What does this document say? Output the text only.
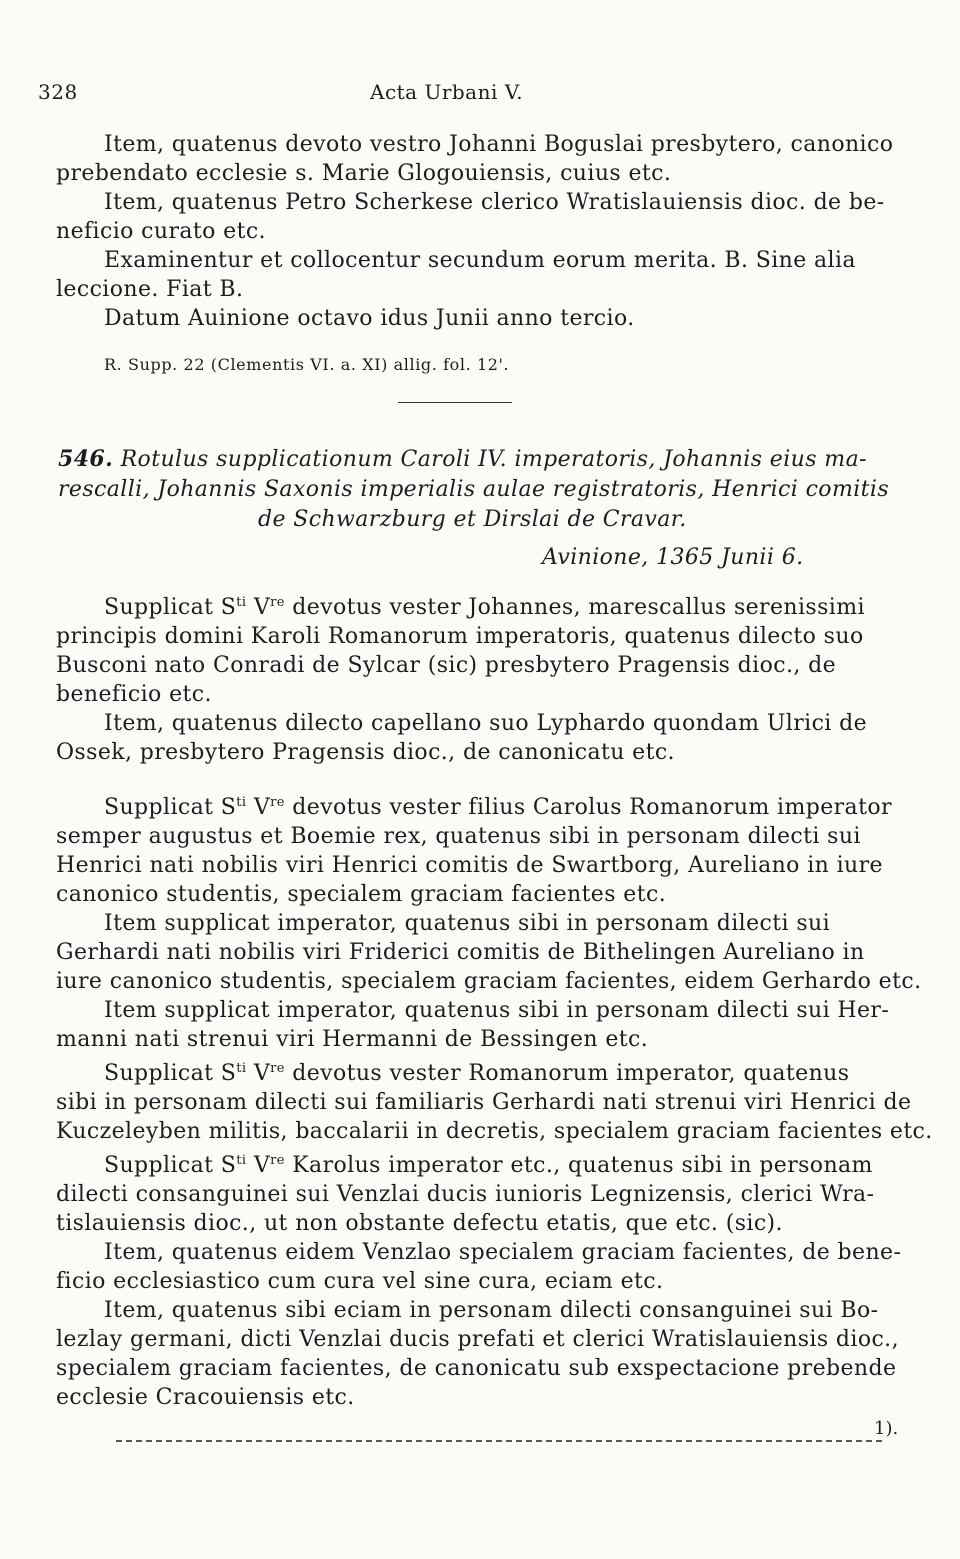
328	Acta Urbani V.
Item, quatenus devoto vestro Johanni Boguslai presbytero, canonico
prebendato ecclesie s. Marie Glogouiensis, cuius etc.
Item, quatenus Petro Scherkese clerico Wratislauiensis dioc. de be-
neficio curato etc.
Examinentur et collocentur secundum eorum merita. B. Sine alia
leccione. Fiat B.
Datum Auinione octavo idus Junii anno tercio.
R. Supp. 22 (Clementis VI. a. XI) allig. fol. 12'.
546. Rotulus supplicationum Caroli IV. imperatoris, Johannis eius ma-
rescalli, Johannis Saxonis imperialis aulae registratoris, Henrici comitis
de Schwarzburg et Dirslai de Cravar.
Avinione, 1365 Junii 6.
Supplicat $S^{ti}$ Vre devotus vester Johannes, marescallus serenissimi
principis domini Karoli Romanorum imperatoris, quatenus dilecto suo
Busconi nato Conradi de Sylcar (sic) presbytero Pragensis dioc., de
beneficio etc.
Item, quatenus dilecto capellano suo Lyphardo quondam Ulrici de
Ossek, presbytero Pragensis dioc., de canonicatu etc.
Supplicat $S^{ti}$ Vre devotus vester filius Carolus Romanorum imperator
semper augustus et Boemie rex, quatenus sibi in personam dilecti sui
Henrici nati nobilis viri Henrici comitis de Swartborg, Aureliano in iure
canonico studentis, specialem graciam facientes etc.
Item supplicat imperator, quatenus sibi in personam dilecti sui
Gerhardi nati nobilis viri Friderici comitis de Bithelingen Aureliano in
iure canonico studentis, specialem graciam facientes, eidem Gerhardo etc.
Item supplicat imperator, quatenus sibi in personam dilecti sui Her-
manni nati strenui viri Hermanni de Bessingen etc.
Supplicat $S^{ti}$ Vre devotus vester Romanorum imperator, quatenus
sibi in personam dilecti sui familiaris Gerhardi nati strenui viri Henrici de
Kuczeleyben militis, baccalarii in decretis, specialem graciam facientes etc.
Supplicat $S^{ti}$ Vre Karolus imperator etc., quatenus sibi in personam
dilecti consanguinei sui Venzlai ducis iunioris Legnizensis, clerici Wra-
tislauiensis dioc., ut non obstante defectu etatis, que etc. (sic).
Item, quatenus eidem Venzlao specialem graciam facientes, de bene-
ficio ecclesiastico cum cura vel sine cura, eciam etc.
Item, quatenus sibi eciam in personam dilecti consanguinei sui Bo-
lezlay germani, dicti Venzlai ducis prefati et clerici Wratislauiensis dioc.,
specialem graciam facientes, de canonicatu sub exspectacione prebende
ecclesie Cracouiensis etc.
1).
